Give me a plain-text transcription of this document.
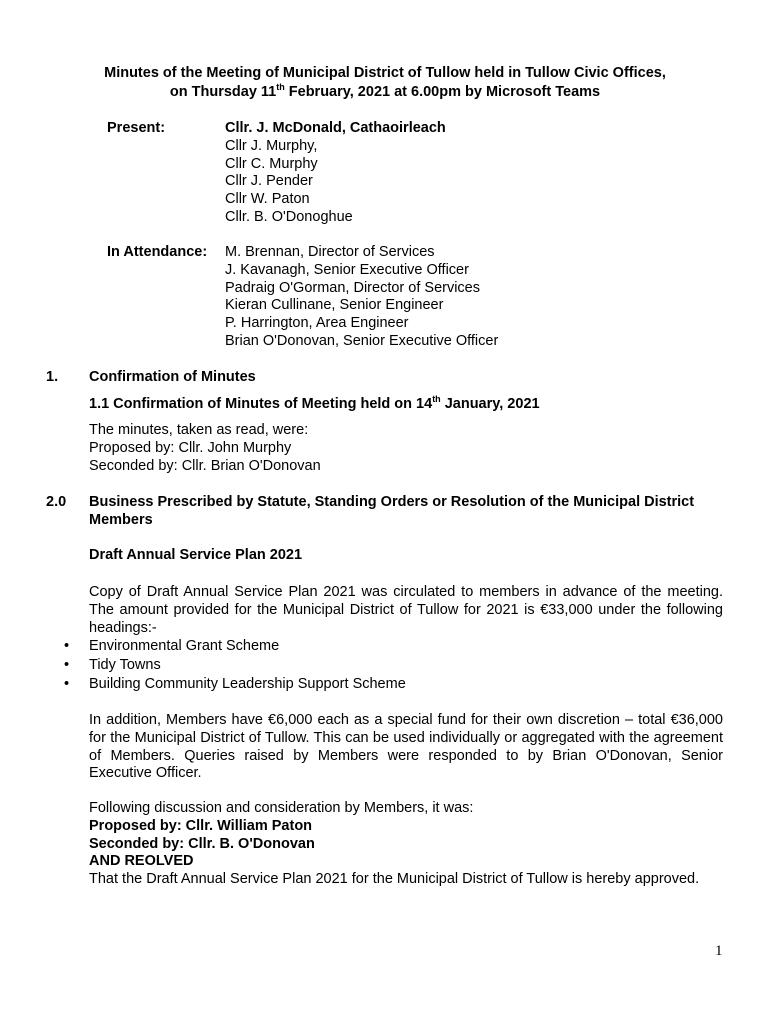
Minutes of the Meeting of Municipal District of Tullow held in Tullow Civic Offices,
on Thursday 11th February, 2021 at 6.00pm by Microsoft Teams
Present:	Cllr. J. McDonald, Cathaoirleach
Cllr J. Murphy,
Cllr C. Murphy
Cllr J. Pender
Cllr W. Paton
Cllr. B. O'Donoghue
In Attendance: M. Brennan, Director of Services
J. Kavanagh, Senior Executive Officer
Padraig O'Gorman, Director of Services
Kieran Cullinane, Senior Engineer
P. Harrington, Area Engineer
Brian O'Donovan, Senior Executive Officer
1. Confirmation of Minutes
1.1 Confirmation of Minutes of Meeting held on 14th January, 2021
The minutes, taken as read, were:
Proposed by: Cllr. John Murphy
Seconded by: Cllr. Brian O'Donovan
2.0 Business Prescribed by Statute, Standing Orders or Resolution of the Municipal District Members
Draft Annual Service Plan 2021
Copy of Draft Annual Service Plan 2021 was circulated to members in advance of the meeting. The amount provided for the Municipal District of Tullow for 2021 is €33,000 under the following headings:-
• Environmental Grant Scheme
• Tidy Towns
• Building Community Leadership Support Scheme
In addition, Members have €6,000 each as a special fund for their own discretion – total €36,000 for the Municipal District of Tullow. This can be used individually or aggregated with the agreement of Members. Queries raised by Members were responded to by Brian O'Donovan, Senior Executive Officer.
Following discussion and consideration by Members, it was:
Proposed by: Cllr. William Paton
Seconded by: Cllr. B. O'Donovan
AND REOLVED
That the Draft Annual Service Plan 2021 for the Municipal District of Tullow is hereby approved.
1
